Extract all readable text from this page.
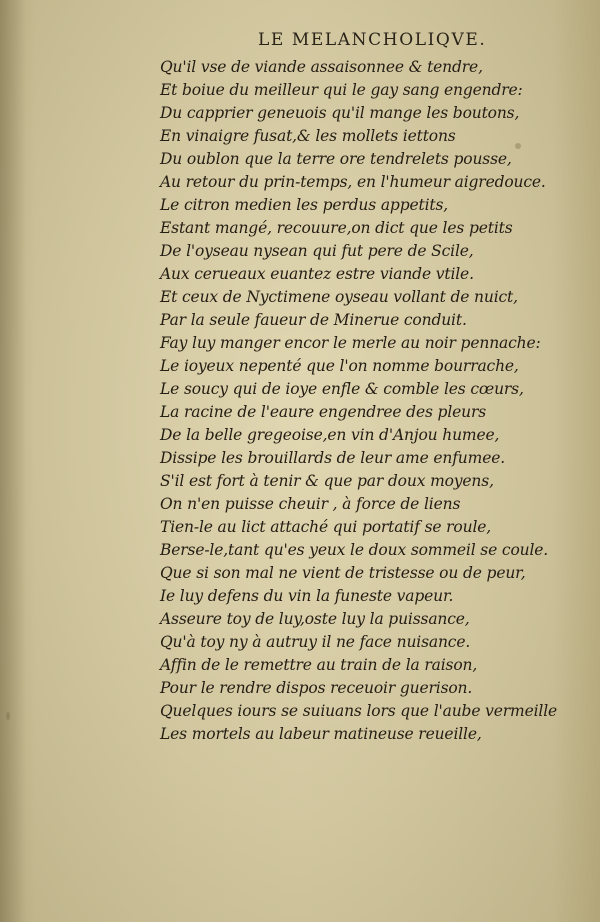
LE MELANCHOLIQVE.
Qu'il vse de viande assaisonnee & tendre,
Et boiue du meilleur qui le gay sang engendre:
Du capprier geneuois qu'il mange les boutons,
En vinaigre fusat,& les mollets iettons
Du oublon que la terre ore tendrelets pousse,
Au retour du prin-temps, en l'humeur aigredouce.
Le citron medien les perdus appetits,
Estant mangé, recouure,on dict que les petits
De l'oyseau nysean qui fut pere de Scile,
Aux cerueaux euantez estre viande vtile.
Et ceux de Nyctimene oyseau vollant de nuict,
Par la seule faueur de Minerue conduit.
Fay luy manger encor le merle au noir pennache:
Le ioyeux nepenté que l'on nomme bourrache,
Le soucy qui de ioye enfle & comble les cœurs,
La racine de l'eaure engendree des pleurs
De la belle gregeoise,en vin d'Anjou humee,
Dissipe les brouillards de leur ame enfumee.
S'il est fort à tenir & que par doux moyens,
On n'en puisse cheuir , à force de liens
Tien-le au lict attaché qui portatif se roule,
Berse-le,tant qu'es yeux le doux sommeil se coule.
Que si son mal ne vient de tristesse ou de peur,
Ie luy defens du vin la funeste vapeur.
Asseure toy de luy,oste luy la puissance,
Qu'à toy ny à autruy il ne face nuisance.
Affin de le remettre au train de la raison,
Pour le rendre dispos receuoir guerison.
Quelques iours se suiuans lors que l'aube vermeille
Les mortels au labeur matineuse reueille,
